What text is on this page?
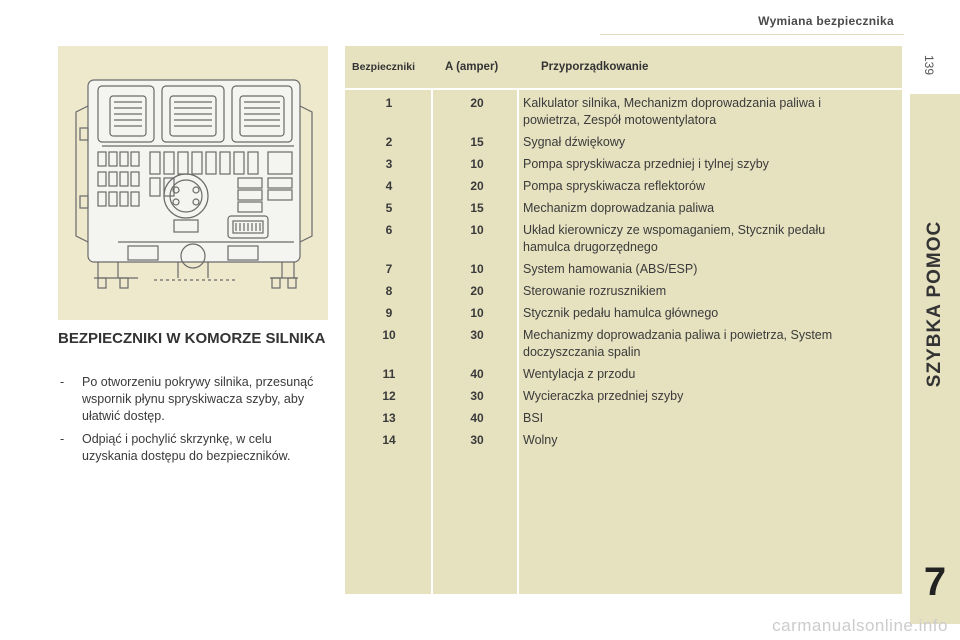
Wymiana bezpiecznika
139
SZYBKA POMOC
7
BEZPIECZNIKI W KOMORZE SILNIKA
- Po otworzeniu pokrywy silnika, przesunąć wspornik płynu spryskiwacza szyby, aby ułatwić dostęp.
- Odpiąć i pochylić skrzynkę, w celu uzyskania dostępu do bezpieczników.
Bezpieczniki	A (amper)	Przyporządkowanie
1	20	Kalkulator silnika, Mechanizm doprowadzania paliwa i powietrza, Zespół motowentylatora
2	15	Sygnał dźwiękowy
3	10	Pompa spryskiwacza przedniej i tylnej szyby
4	20	Pompa spryskiwacza reflektorów
5	15	Mechanizm doprowadzania paliwa
6	10	Układ kierowniczy ze wspomaganiem, Stycznik pedału hamulca drugorzędnego
7	10	System hamowania (ABS/ESP)
8	20	Sterowanie rozrusznikiem
9	10	Stycznik pedału hamulca głównego
10	30	Mechanizmy doprowadzania paliwa i powietrza, System doczyszczania spalin
11	40	Wentylacja z przodu
12	30	Wycieraczka przedniej szyby
13	40	BSI
14	30	Wolny
carmanualsonline.info
